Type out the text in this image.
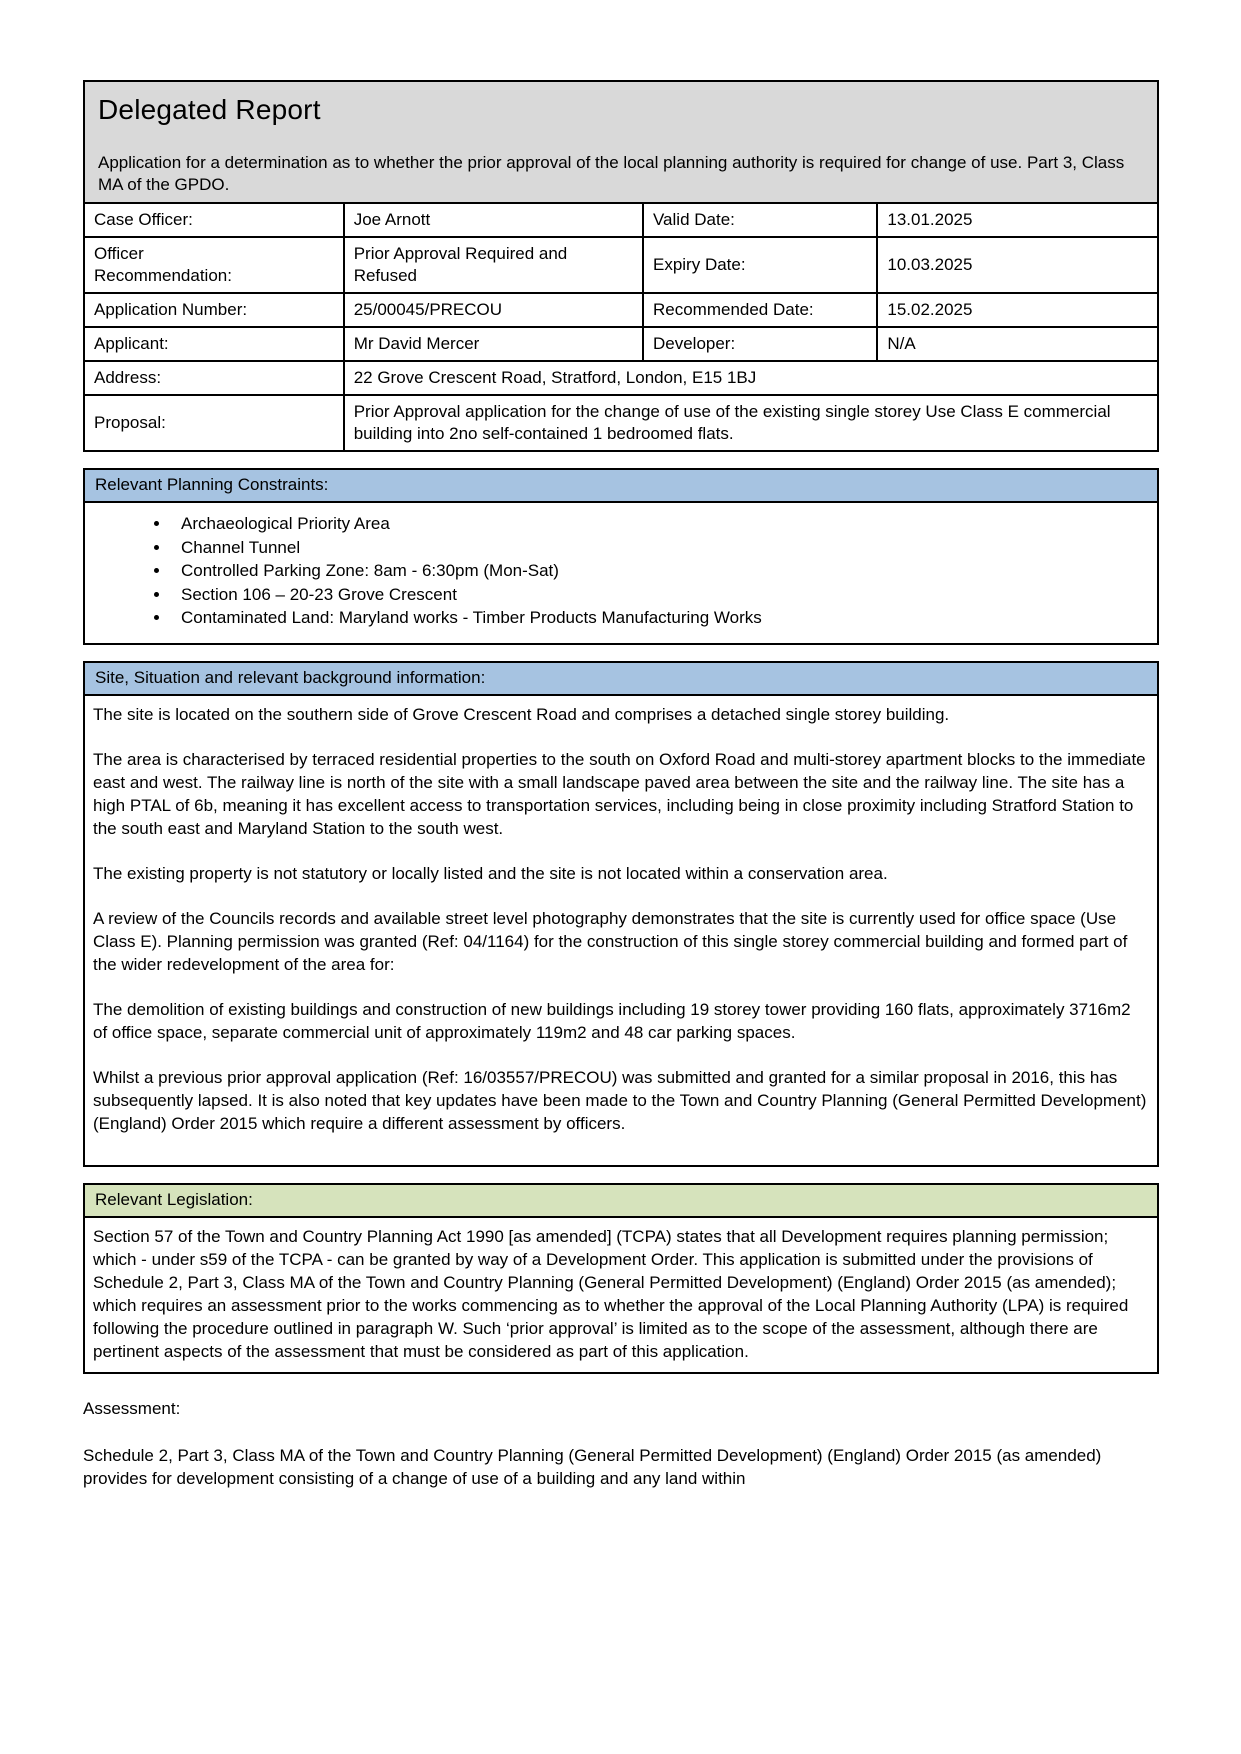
Delegated Report

Application for a determination as to whether the prior approval of the local planning authority is required for change of use. Part 3, Class MA of the GPDO.

Case Officer:	Joe Arnott	Valid Date:	13.01.2025
Officer Recommendation:	Prior Approval Required and Refused	Expiry Date:	10.03.2025
Application Number:	25/00045/PRECOU	Recommended Date:	15.02.2025
Applicant:	Mr David Mercer	Developer:	N/A
Address:	22 Grove Crescent Road, Stratford, London, E15 1BJ		
Proposal:	Prior Approval application for the change of use of the existing single storey Use Class E commercial building into 2no self-contained 1 bedroomed flats.		
Relevant Planning Constraints:
• Archaeological Priority Area
• Channel Tunnel
• Controlled Parking Zone: 8am - 6:30pm (Mon-Sat)
• Section 106 – 20-23 Grove Crescent
• Contaminated Land: Maryland works - Timber Products Manufacturing Works
Site, Situation and relevant background information:

The site is located on the southern side of Grove Crescent Road and comprises a detached single storey building.

The area is characterised by terraced residential properties to the south on Oxford Road and multi-storey apartment blocks to the immediate east and west. The railway line is north of the site with a small landscape paved area between the site and the railway line. The site has a high PTAL of 6b, meaning it has excellent access to transportation services, including being in close proximity including Stratford Station to the south east and Maryland Station to the south west.

The existing property is not statutory or locally listed and the site is not located within a conservation area.

A review of the Councils records and available street level photography demonstrates that the site is currently used for office space (Use Class E). Planning permission was granted (Ref: 04/1164) for the construction of this single storey commercial building and formed part of the wider redevelopment of the area for:

The demolition of existing buildings and construction of new buildings including 19 storey tower providing 160 flats, approximately 3716m2 of office space, separate commercial unit of approximately 119m2 and 48 car parking spaces.

Whilst a previous prior approval application (Ref: 16/03557/PRECOU) was submitted and granted for a similar proposal in 2016, this has subsequently lapsed. It is also noted that key updates have been made to the Town and Country Planning (General Permitted Development) (England) Order 2015 which require a different assessment by officers.

Relevant Legislation:

Section 57 of the Town and Country Planning Act 1990 [as amended] (TCPA) states that all Development requires planning permission; which - under s59 of the TCPA - can be granted by way of a Development Order. This application is submitted under the provisions of Schedule 2, Part 3, Class MA of the Town and Country Planning (General Permitted Development) (England) Order 2015 (as amended); which requires an assessment prior to the works commencing as to whether the approval of the Local Planning Authority (LPA) is required following the procedure outlined in paragraph W. Such ‘prior approval’ is limited as to the scope of the assessment, although there are pertinent aspects of the assessment that must be considered as part of this application.

Assessment:
Schedule 2, Part 3, Class MA of the Town and Country Planning (General Permitted Development) (England) Order 2015 (as amended) provides for development consisting of a change of use of a building and any land within
